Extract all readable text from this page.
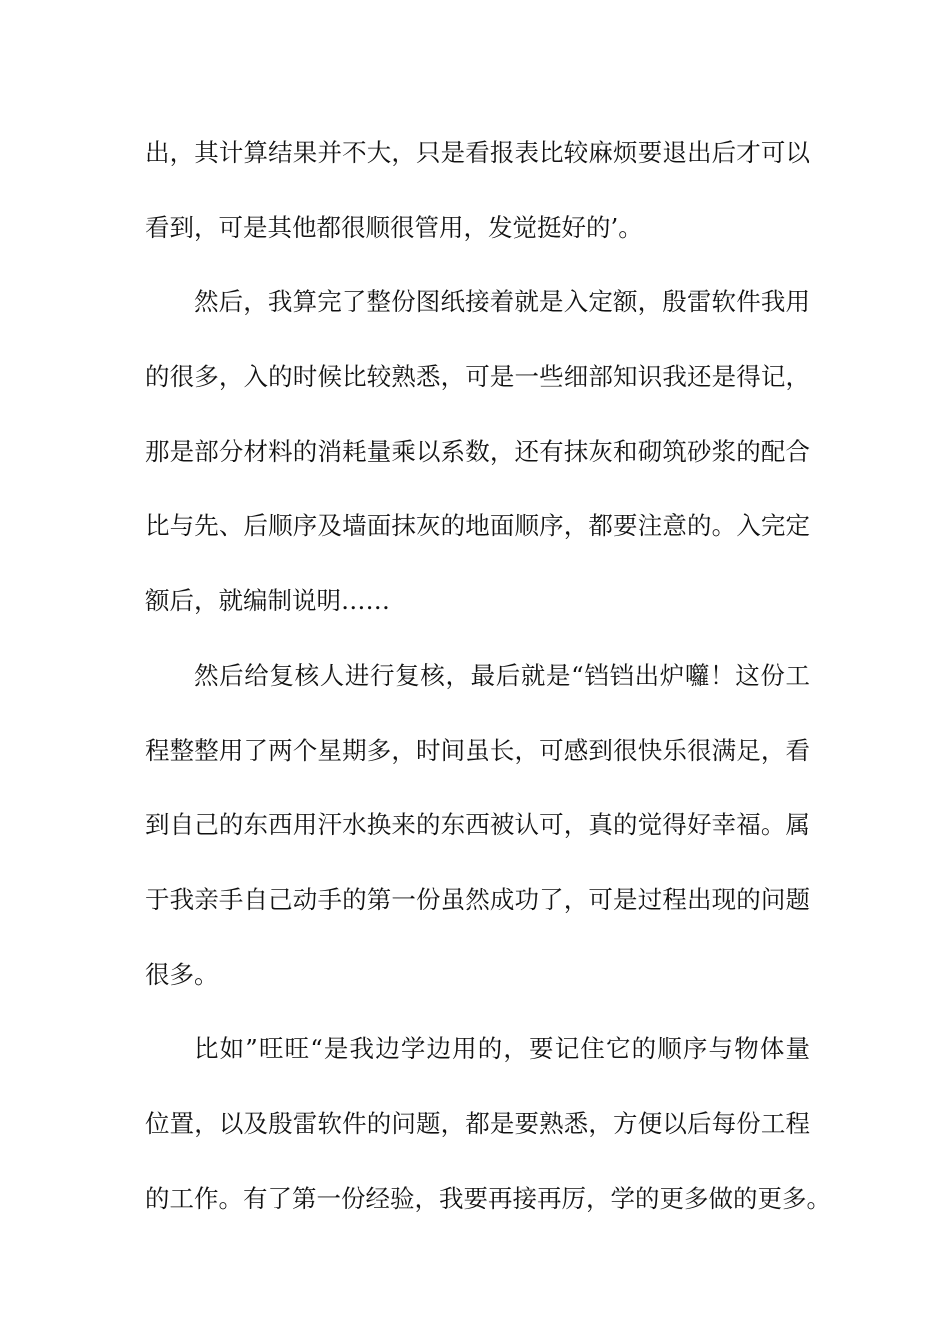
出，其计算结果并不大，只是看报表比较麻烦要退出后才可以
看到，可是其他都很顺很管用，发觉挺好的’。
然后，我算完了整份图纸接着就是入定额，殷雷软件我用
的很多，入的时候比较熟悉，可是一些细部知识我还是得记，
那是部分材料的消耗量乘以系数，还有抹灰和砌筑砂浆的配合
比与先、后顺序及墙面抹灰的地面顺序，都要注意的。入完定
额后，就编制说明……
然后给复核人进行复核，最后就是“铛铛出炉囖！这份工
程整整用了两个星期多，时间虽长，可感到很快乐很满足，看
到自己的东西用汗水换来的东西被认可，真的觉得好幸福。属
于我亲手自己动手的第一份虽然成功了，可是过程出现的问题
很多。
比如”旺旺“是我边学边用的，要记住它的顺序与物体量
位置，以及殷雷软件的问题，都是要熟悉，方便以后每份工程
的工作。有了第一份经验，我要再接再厉，学的更多做的更多。
